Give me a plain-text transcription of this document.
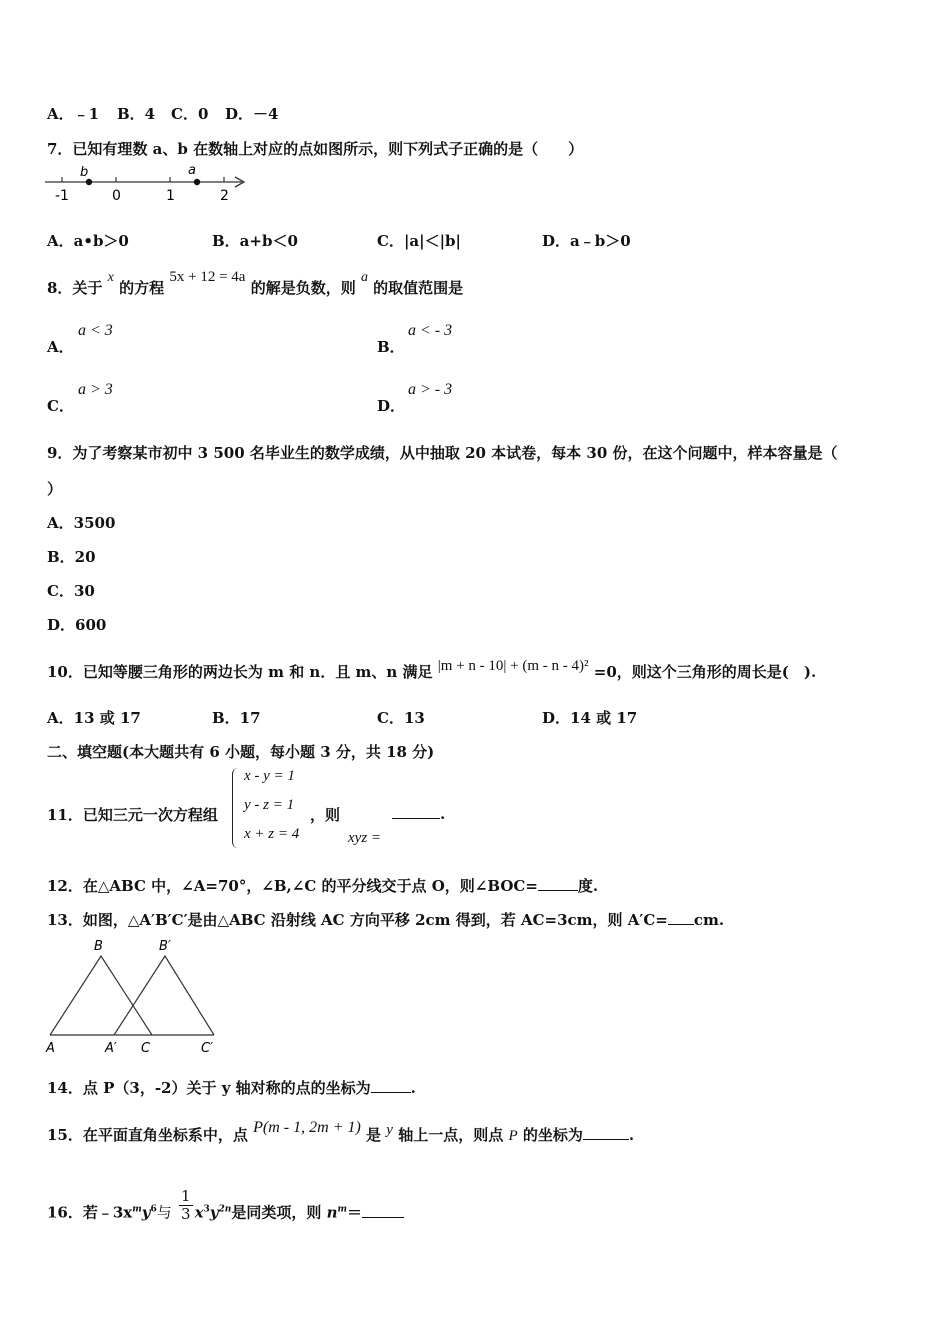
A．﹣1 B．4 C．0 D．－4
7．已知有理数 a、b 在数轴上对应的点如图所示，则下列式子正确的是（　　）
-1	0	1	2
b	a
A．a•b＞0	B．a+b＜0	C．|a|＜|b|	D．a﹣b＞0
8．关于 x 的方程 5x + 12 = 4a 的解是负数，则 a 的取值范围是
A．
a < 3
B．
a < - 3
C．
a > 3
D．
a > - 3
9．为了考察某市初中 3 500 名毕业生的数学成绩，从中抽取 20 本试卷，每本 30 份，在这个问题中，样本容量是（
）
A．3500
B．20
C．30
D．600
10．已知等腰三角形的两边长为 m 和 n．且 m、n 满足 |m + n - 10| + (m - n - 4)² =0，则这个三角形的周长是(　).
A．13 或 17	B．17	C．13	D．14 或 17
二、填空题(本大题共有 6 小题，每小题 3 分，共 18 分)
11．已知三元一次方程组
x - y = 1
y - z = 1
x + z = 4
，则
xyz =
.
12．在△ABC 中，∠A=70°，∠B,∠C 的平分线交于点 O，则∠BOC=	度.
13．如图，△A′B′C′是由△ABC 沿射线 AC 方向平移 2cm 得到，若 AC=3cm，则 A′C= cm.
B	B′
A	A′ C	C′
14．点 P（3，-2）关于 y 轴对称的点的坐标为	.
15．在平面直角坐标系中，点 P(m - 1, 2m + 1) 是 y 轴上一点，则点 P 的坐标为	.
16．若$﹣3x^my^6$与 $\frac{1}{3} x^3y^{2n}$是同类项，则 $n^m=$
